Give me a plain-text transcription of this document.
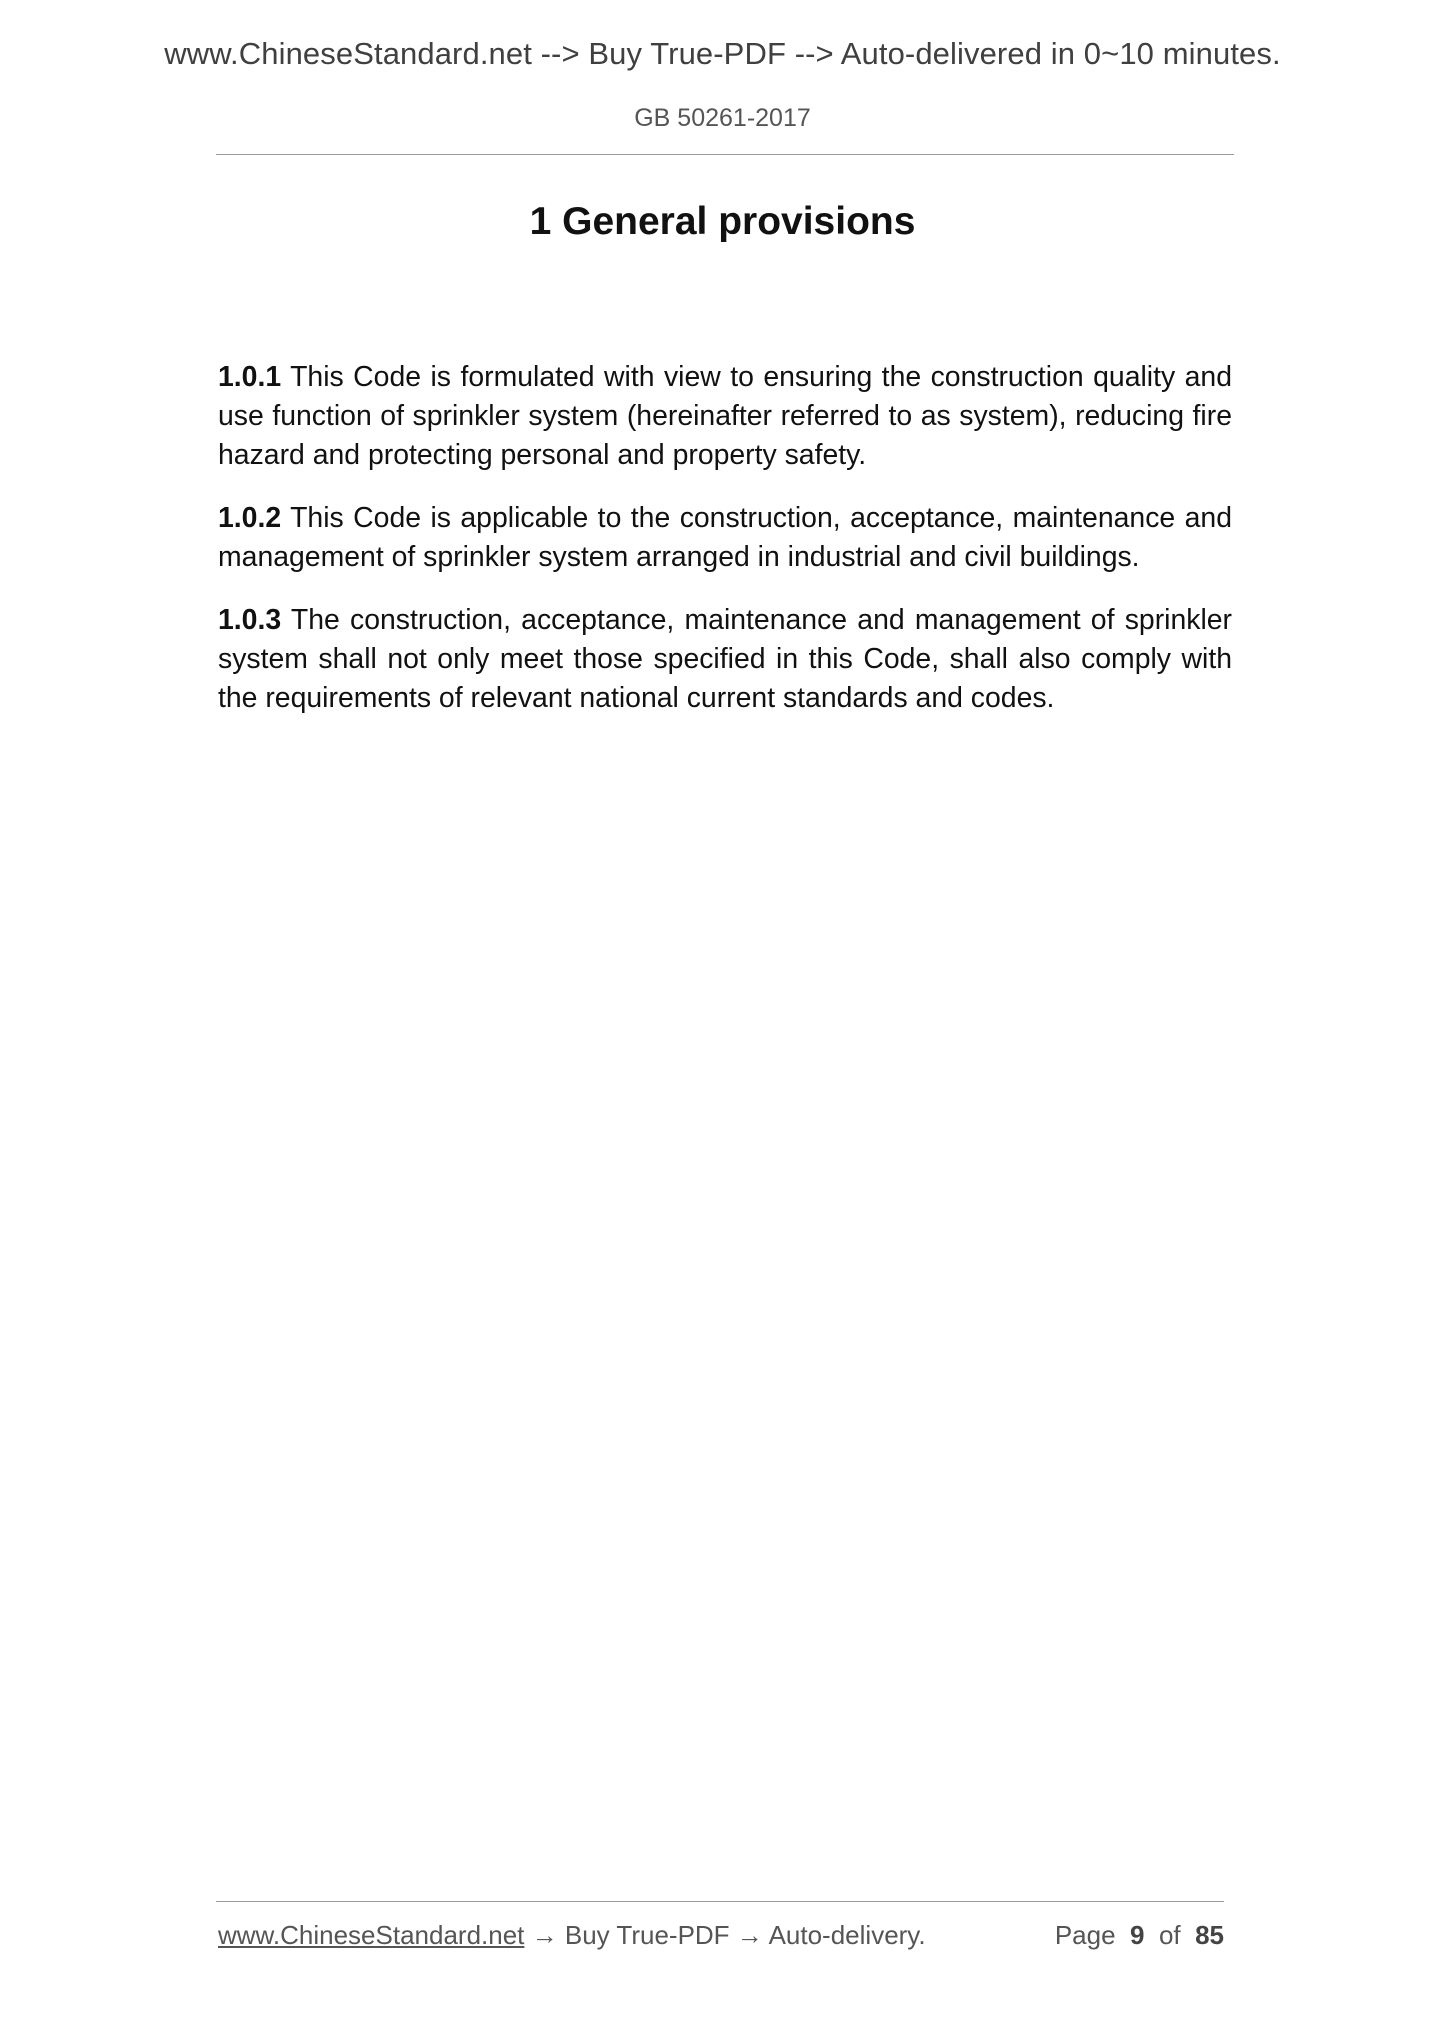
www.ChineseStandard.net --> Buy True-PDF --> Auto-delivered in 0~10 minutes.
GB 50261-2017
1 General provisions

1.0.1 This Code is formulated with view to ensuring the construction quality and use function of sprinkler system (hereinafter referred to as system), reducing fire hazard and protecting personal and property safety.

1.0.2 This Code is applicable to the construction, acceptance, maintenance and management of sprinkler system arranged in industrial and civil buildings.

1.0.3 The construction, acceptance, maintenance and management of sprinkler system shall not only meet those specified in this Code, shall also comply with the requirements of relevant national current standards and codes.

www.ChineseStandard.net → Buy True-PDF → Auto-delivery.	Page 9 of 85
